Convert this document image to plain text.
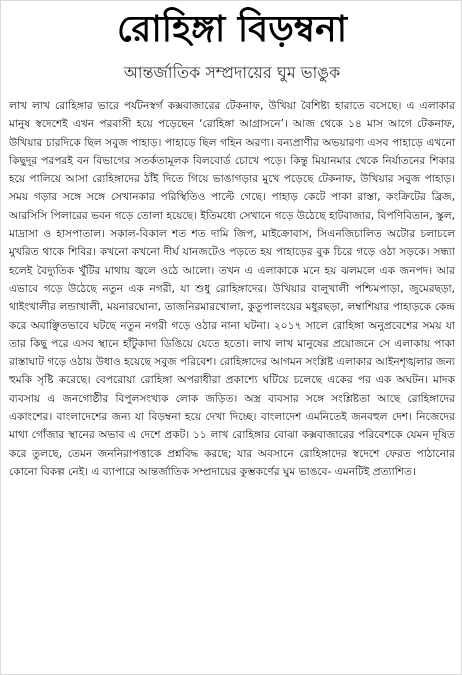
রোহিঙ্গা বিড়ম্বনা
আন্তর্জাতিক সম্প্রদায়ের ঘুম ভাঙুক

লাখ লাখ রোহিঙ্গার ভারে পর্যটনস্বর্গ কক্সবাজারের টেকনাফ, উখিয়া বৈশিষ্ট্য হারাতে বসেছে। এ এলাকার মানুষ স্বদেশেই এখন পরবাসী হয়ে পড়েছেন ‘রোহিঙ্গা আগ্রাসনে’। আজ থেকে ১৪ মাস আগে টেকনাফ, উখিয়ার চারদিকে ছিল সবুজ পাহাড়। পাহাড়ে ছিল গহিন অরণ্য। বন্যপ্রাণীর অভয়ারণ্য এসব পাহাড়ে এখনো কিছুদূর পরপরই বন বিভাগের সতর্কতামূলক বিলবোর্ড চোখে পড়ে। কিন্তু মিয়ানমার থেকে নির্যাতনের শিকার হয়ে পালিয়ে আসা রোহিঙ্গাদের ঠাঁই দিতে গিয়ে ভাঙাগড়ার মুখে পড়েছে টেকনাফ, উখিয়ার সবুজ পাহাড়। সময় গড়ার সঙ্গে সঙ্গে সেখানকার পরিস্থিতিও পাল্টে গেছে। পাহাড় কেটে পাকা রাস্তা, কংক্রিটের ব্রিজ, আরসিসি পিলারের ভবন গড়ে তোলা হয়েছে। ইতিমধ্যে সেখানে গড়ে উঠেছে হাটবাজার, বিপণিবিতান, স্কুল, মাদ্রাসা ও হাসপাতাল। সকাল-বিকাল শত শত দামি জিপ, মাইক্রোবাস, সিএনজিচালিত অটোর চলাচলে মুখরিত থাকে শিবির। কখনো কখনো দীর্ঘ যানজটেও পড়তে হয় পাহাড়ের বুক চিরে গড়ে ওঠা সড়কে। সন্ধ্যা হলেই বৈদ্যুতিক খুঁটির মাথায় জ্বলে ওঠে আলো। তখন এ এলাকাকে মনে হয় ঝলমলে এক জনপদ। আর এভাবে গড়ে উঠেছে নতুন এক নগরী, যা শুধু রোহিঙ্গাদের। উখিয়ার বালুখালী পশ্চিমপাড়া, জুমেরছড়া, থাইংখালীর লন্ডাখালী, ময়নারঘোনা, তাজনিরমারখোলা, কুতুপালংয়ের মধুরছড়া, লম্বাশিয়ার পাহাড়কে কেন্দ্র করে অবাঞ্ছিতভাবে ঘটছে নতুন নগরী গড়ে ওঠার নানা ঘটনা। ২০১৭ সালে রোহিঙ্গা অনুপ্রবেশের সময় যা তার কিছু পরে এসব স্থানে হাঁটুকাদা ডিঙিয়ে যেতে হতো। লাখ লাখ মানুষের প্রয়োজনে সে এলাকায় পাকা রাস্তাঘাট গড়ে ওঠায় উধাও হয়েছে সবুজ পরিবেশ। রোহিঙ্গাদের আগমন সংশ্লিষ্ট এলাকার আইনশৃঙ্খলার জন্য হুমকি সৃষ্টি করেছে। বেপরোয়া রোহিঙ্গা অপরাধীরা প্রকাশ্যে ঘটিয়ে চলেছে একের পর এক অঘটন। মাদক ব্যবসায় এ জনগোষ্ঠীর বিপুলসংখ্যক লোক জড়িত। অস্ত্র ব্যবসার সঙ্গে সংশ্লিষ্টতা আছে রোহিঙ্গাদের একাংশের। বাংলাদেশের জন্য যা বিড়ম্বনা হয়ে দেখা দিচ্ছে। বাংলাদেশ এমনিতেই জনবহুল দেশ। নিজেদের মাথা গোঁজার স্থানের অভাব এ দেশে প্রকট। ১১ লাখ রোহিঙ্গার বোঝা কক্সবাজারের পরিবেশকে যেমন দূষিত করে তুলছে, তেমন জননিরাপত্তাকে প্রশ্নবিদ্ধ করছে; যার অবসানে রোহিঙ্গাদের স্বদেশে ফেরত পাঠানোর কোনো বিকল্প নেই। এ ব্যাপারে আন্তর্জাতিক সম্প্রদায়ের কুম্ভকর্ণের ঘুম ভাঙবে- এমনটিই প্রত্যাশিত।
